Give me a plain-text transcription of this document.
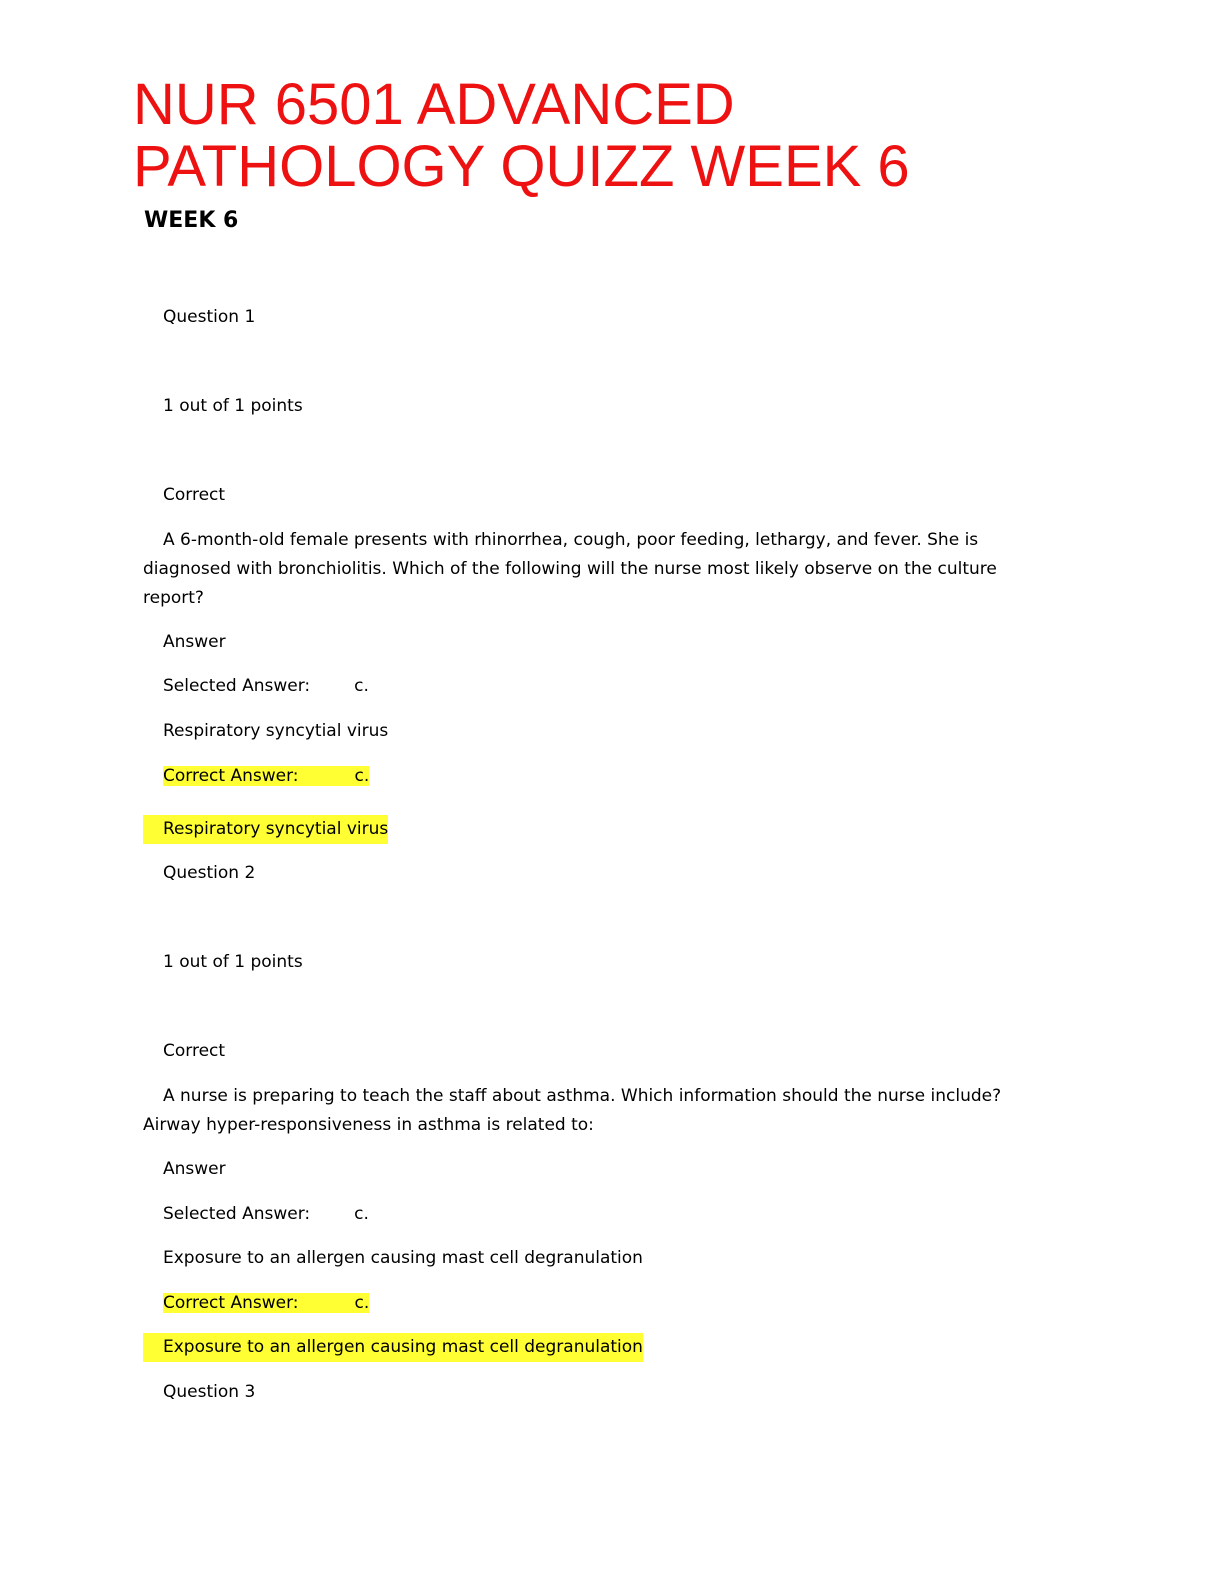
NUR 6501 ADVANCED
PATHOLOGY QUIZZ WEEK 6
WEEK 6
Question 1
1 out of 1 points
Correct
A 6-month-old female presents with rhinorrhea, cough, poor feeding, lethargy, and fever. She is diagnosed with bronchiolitis. Which of the following will the nurse most likely observe on the culture report?
Answer
Selected Answer:	c.
Respiratory syncytial virus
Correct Answer:	c.
Respiratory syncytial virus
Question 2
1 out of 1 points
Correct
A nurse is preparing to teach the staff about asthma. Which information should the nurse include? Airway hyper-responsiveness in asthma is related to:
Answer
Selected Answer:	c.
Exposure to an allergen causing mast cell degranulation
Correct Answer:	c.
Exposure to an allergen causing mast cell degranulation
Question 3
